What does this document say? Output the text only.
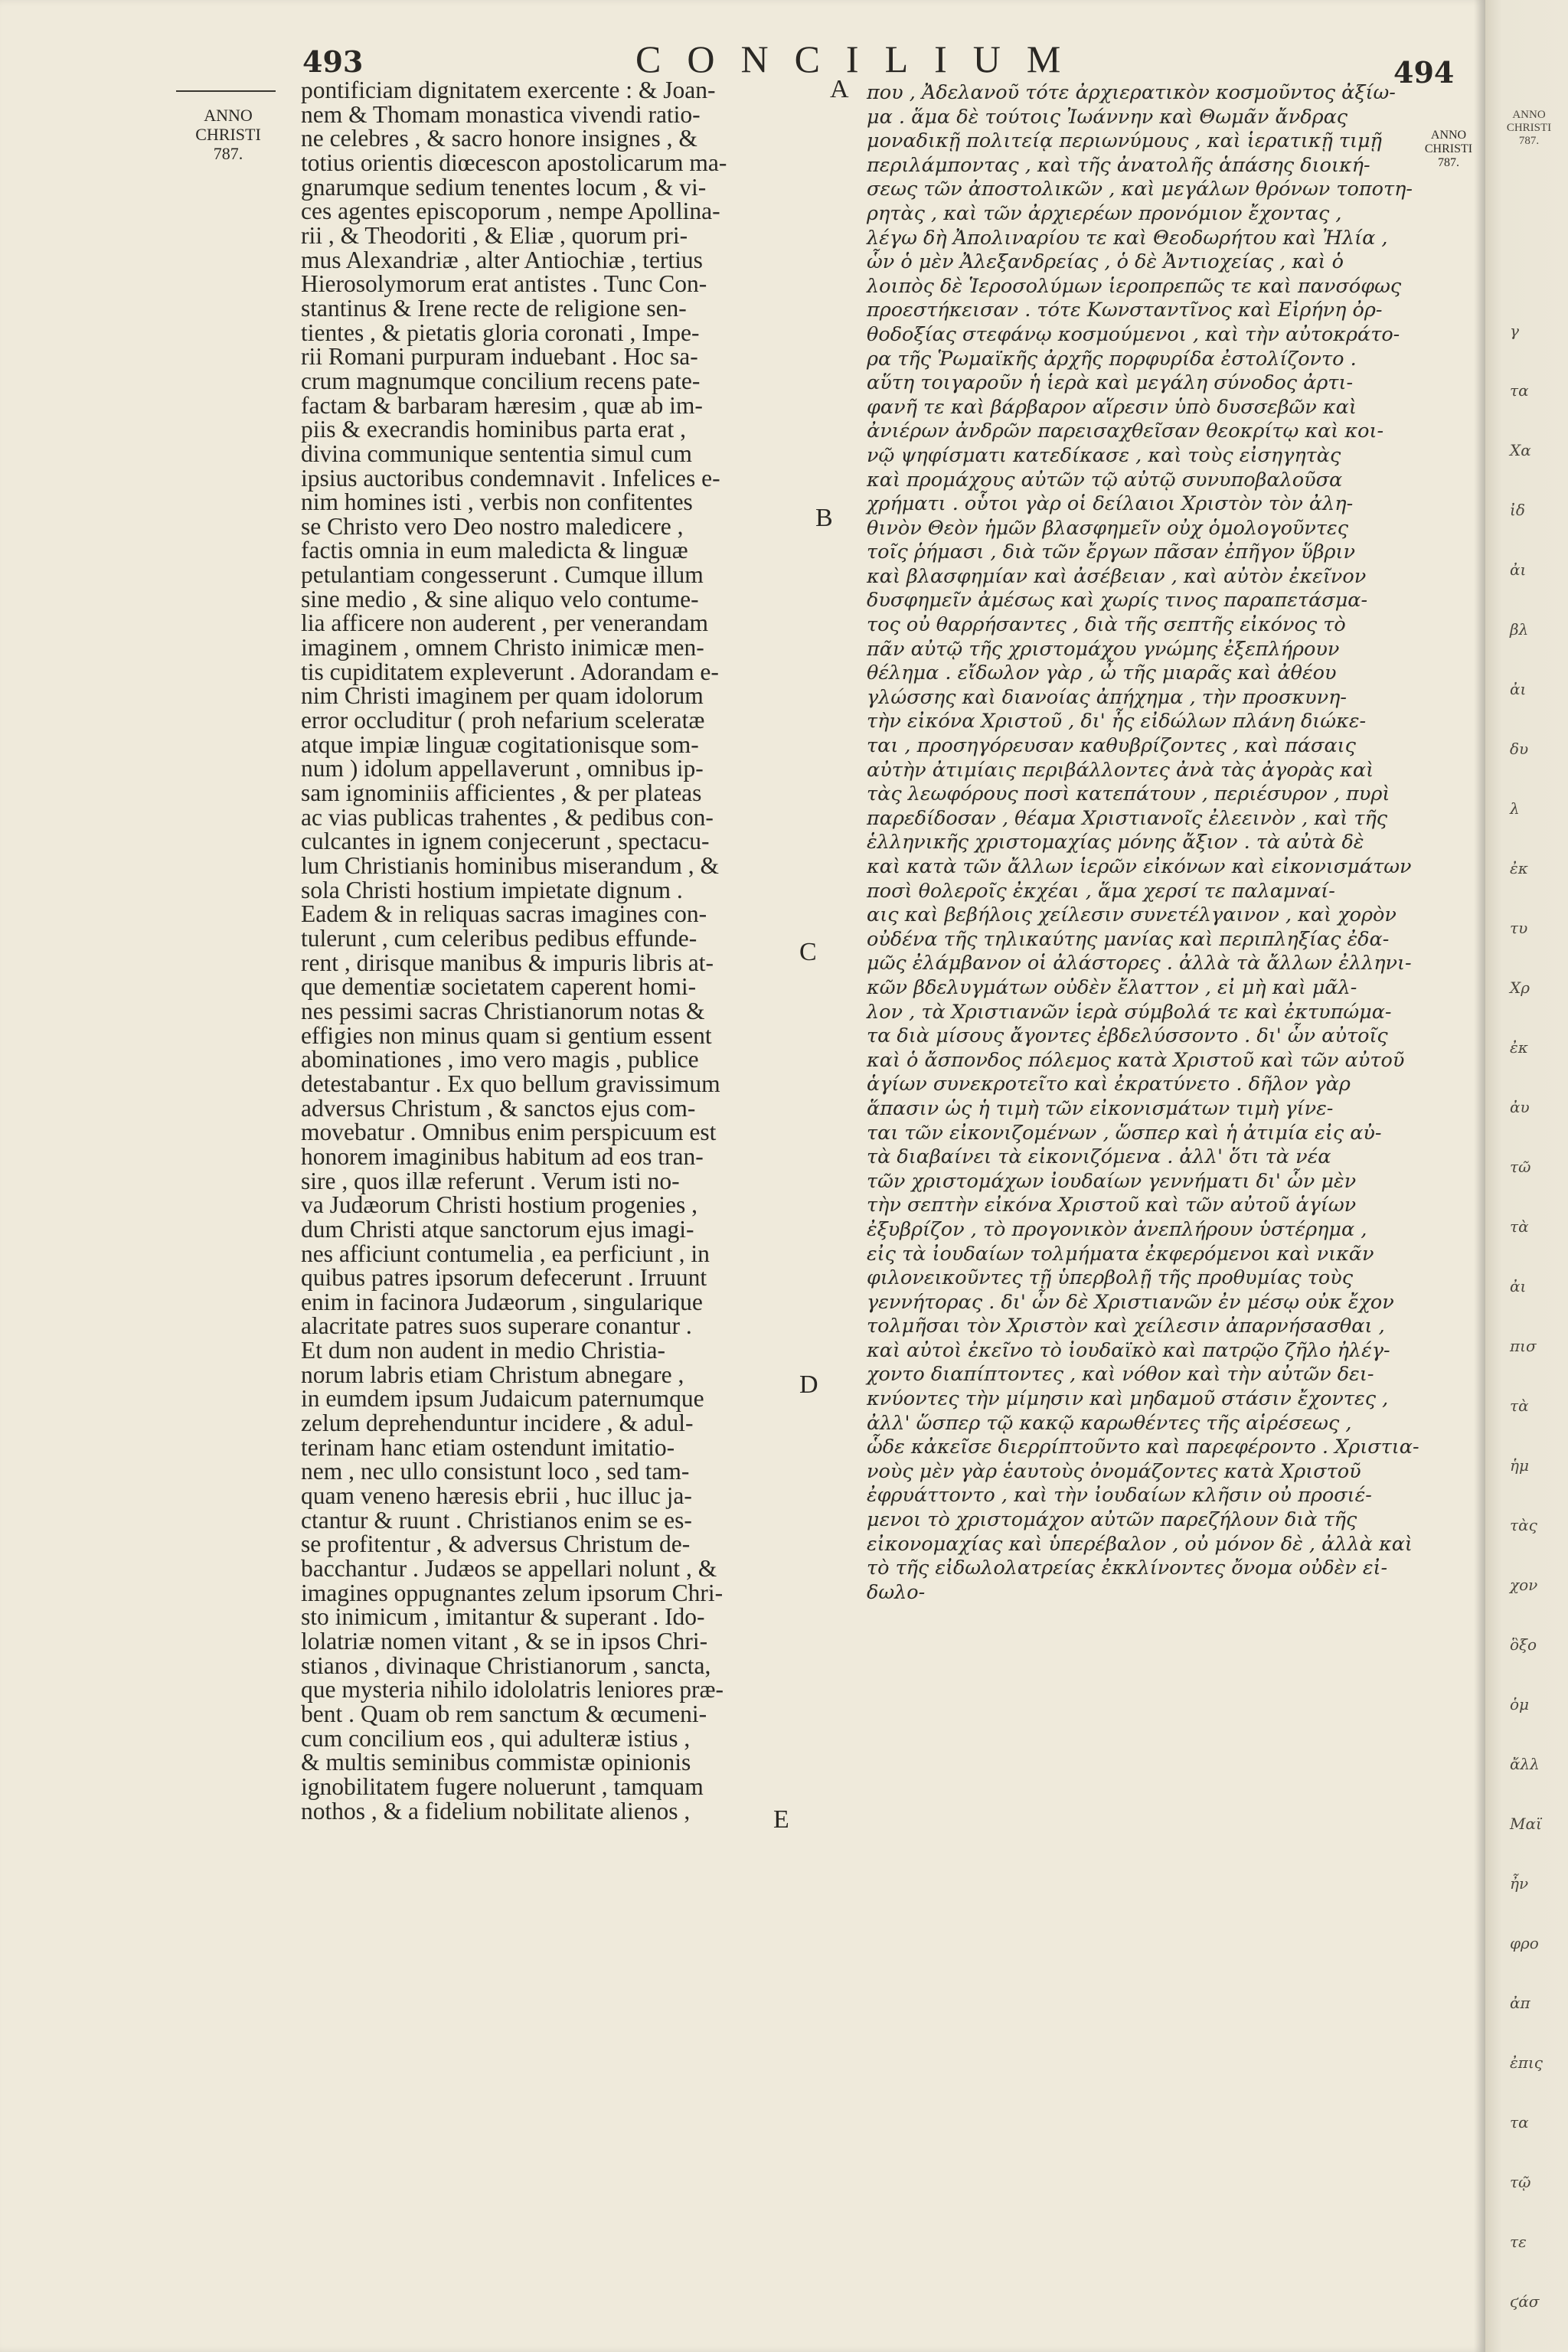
493	CONCILIUM	494
ANNO
CHRISTI
787.
pontificiam dignitatem exercente : & Joan-
nem & Thomam monastica vivendi ratio-
ne celebres , & sacro honore insignes , &
totius orientis diœcescon apostolicarum ma-
gnarumque sedium tenentes locum , & vi-
ces agentes episcoporum , nempe Apollina-
rii , & Theodoriti , & Eliæ , quorum pri-
mus Alexandriæ , alter Antiochiæ , tertius
Hierosolymorum erat antistes . Tunc Con-
stantinus & Irene recte de religione sen-
tientes , & pietatis gloria coronati , Impe-
rii Romani purpuram induebant . Hoc sa-
crum magnumque concilium recens pate-
factam & barbaram hæresim , quæ ab im-
piis & execrandis hominibus parta erat ,
divina communique sententia simul cum
ipsius auctoribus condemnavit . Infelices e-
nim homines isti , verbis non confitentes
se Christo vero Deo nostro maledicere ,
factis omnia in eum maledicta & linguæ
petulantiam congesserunt . Cumque illum
sine medio , & sine aliquo velo contume-
lia afficere non auderent , per venerandam
imaginem , omnem Christo inimicæ men-
tis cupiditatem expleverunt . Adorandam e-
nim Christi imaginem per quam idolorum
error occluditur ( proh nefarium sceleratæ
atque impiæ linguæ cogitationisque som-
num ) idolum appellaverunt , omnibus ip-
sam ignominiis afficientes , & per plateas
ac vias publicas trahentes , & pedibus con-
culcantes in ignem conjecerunt , spectacu-
lum Christianis hominibus miserandum , &
sola Christi hostium impietate dignum .
Eadem & in reliquas sacras imagines con-
tulerunt , cum celeribus pedibus effunde-
rent , dirisque manibus & impuris libris at-
que dementiæ societatem caperent homi-
nes pessimi sacras Christianorum notas &
effigies non minus quam si gentium essent
abominationes , imo vero magis , publice
detestabantur . Ex quo bellum gravissimum
adversus Christum , & sanctos ejus com-
movebatur . Omnibus enim perspicuum est
honorem imaginibus habitum ad eos tran-
sire , quos illæ referunt . Verum isti no-
va Judæorum Christi hostium progenies ,
dum Christi atque sanctorum ejus imagi-
nes afficiunt contumelia , ea perficiunt , in
quibus patres ipsorum defecerunt . Irruunt
enim in facinora Judæorum , singularique
alacritate patres suos superare conantur .
Et dum non audent in medio Christia-
norum labris etiam Christum abnegare ,
in eumdem ipsum Judaicum paternumque
zelum deprehenduntur incidere , & adul-
terinam hanc etiam ostendunt imitatio-
nem , nec ullo consistunt loco , sed tam-
quam veneno hæresis ebrii , huc illuc ja-
ctantur & ruunt . Christianos enim se es-
se profitentur , & adversus Christum de-
bacchantur . Judæos se appellari nolunt , &
imagines oppugnantes zelum ipsorum Chri-
sto inimicum , imitantur & superant . Ido-
lolatriæ nomen vitant , & se in ipsos Chri-
stianos , divinaque Christianorum , sancta,
que mysteria nihilo idololatris leniores præ-
bent . Quam ob rem sanctum & œcumeni-
cum concilium eos , qui adulteræ istius ,
& multis seminibus commistæ opinionis
ignobilitatem fugere noluerunt , tamquam
nothos , & a fidelium nobilitate alienos ,
A
B
C
D
E
που , Ἀδελανοῦ τότε ἀρχιερατικὸν κοσμοῦντος ἀξίω-
μα . ἅμα δὲ τούτοις Ἰωάννην καὶ Θωμᾶν ἄνδρας
μοναδικῇ πολιτείᾳ περιωνύμους , καὶ ἱερατικῇ τιμῇ
περιλάμποντας , καὶ τῆς ἀνατολῆς ἁπάσης διοική-
σεως τῶν ἀποστολικῶν , καὶ μεγάλων θρόνων τοποτη-
ρητὰς , καὶ τῶν ἀρχιερέων προνόμιον ἔχοντας ,
λέγω δὴ Ἀπολιναρίου τε καὶ Θεοδωρήτου καὶ Ἠλία ,
ὧν ὁ μὲν Ἀλεξανδρείας , ὁ δὲ Ἀντιοχείας , καὶ ὁ
λοιπὸς δὲ Ἱεροσολύμων ἱεροπρεπῶς τε καὶ πανσόφως
προεστήκεισαν . τότε Κωνσταντῖνος καὶ Εἰρήνη ὀρ-
θοδοξίας στεφάνῳ κοσμούμενοι , καὶ τὴν αὐτοκράτο-
ρα τῆς Ῥωμαϊκῆς ἀρχῆς πορφυρίδα ἐστολίζοντο .
αὕτη τοιγαροῦν ἡ ἱερὰ καὶ μεγάλη σύνοδος ἀρτι-
φανῆ τε καὶ βάρβαρον αἵρεσιν ὑπὸ δυσσεβῶν καὶ
ἀνιέρων ἀνδρῶν παρεισαχθεῖσαν θεοκρίτῳ καὶ κοι-
νῷ ψηφίσματι κατεδίκασε , καὶ τοὺς εἰσηγητὰς
καὶ προμάχους αὐτῶν τῷ αὐτῷ συνυποβαλοῦσα
χρήματι . οὗτοι γὰρ οἱ δείλαιοι Χριστὸν τὸν ἀλη-
θινὸν Θεὸν ἡμῶν βλασφημεῖν οὐχ ὁμολογοῦντες
τοῖς ῥήμασι , διὰ τῶν ἔργων πᾶσαν ἐπῆγον ὕβριν
καὶ βλασφημίαν καὶ ἀσέβειαν , καὶ αὐτὸν ἐκεῖνον
δυσφημεῖν ἀμέσως καὶ χωρίς τινος παραπετάσμα-
τος οὐ θαρρήσαντες , διὰ τῆς σεπτῆς εἰκόνος τὸ
πᾶν αὐτῷ τῆς χριστομάχου γνώμης ἐξεπλήρουν
θέλημα . εἴδωλον γὰρ , ὦ τῆς μιαρᾶς καὶ ἀθέου
γλώσσης καὶ διανοίας ἀπήχημα , τὴν προσκυνη-
τὴν εἰκόνα Χριστοῦ , δι' ἧς εἰδώλων πλάνη διώκε-
ται , προσηγόρευσαν καθυβρίζοντες , καὶ πάσαις
αὐτὴν ἀτιμίαις περιβάλλοντες ἀνὰ τὰς ἀγορὰς καὶ
τὰς λεωφόρους ποσὶ κατεπάτουν , περιέσυρον , πυρὶ
παρεδίδοσαν , θέαμα Χριστιανοῖς ἐλεεινὸν , καὶ τῆς
ἑλληνικῆς χριστομαχίας μόνης ἄξιον . τὰ αὐτὰ δὲ
καὶ κατὰ τῶν ἄλλων ἱερῶν εἰκόνων καὶ εἰκονισμάτων
ποσὶ θολεροῖς ἐκχέαι , ἅμα χερσί τε παλαμναί-
αις καὶ βεβήλοις χείλεσιν συνετέλγαινον , καὶ χορὸν
οὐδένα τῆς τηλικαύτης μανίας καὶ περιπληξίας ἐδα-
μῶς ἐλάμβανον οἱ ἀλάστορες . ἀλλὰ τὰ ἄλλων ἐλληνι-
κῶν βδελυγμάτων οὐδὲν ἔλαττον , εἰ μὴ καὶ μᾶλ-
λον , τὰ Χριστιανῶν ἱερὰ σύμβολά τε καὶ ἐκτυπώμα-
τα διὰ μίσους ἄγοντες ἐβδελύσσοντο . δι' ὧν αὐτοῖς
καὶ ὁ ἄσπονδος πόλεμος κατὰ Χριστοῦ καὶ τῶν αὐτοῦ
ἁγίων συνεκροτεῖτο καὶ ἐκρατύνετο . δῆλον γὰρ
ἅπασιν ὡς ἡ τιμὴ τῶν εἰκονισμάτων τιμὴ γίνε-
ται τῶν εἰκονιζομένων , ὥσπερ καὶ ἡ ἀτιμία εἰς αὐ-
τὰ διαβαίνει τὰ εἰκονιζόμενα . ἀλλ' ὅτι τὰ νέα
τῶν χριστομάχων ἰουδαίων γεννήματι δι' ὧν μὲν
τὴν σεπτὴν εἰκόνα Χριστοῦ καὶ τῶν αὐτοῦ ἁγίων
ἐξυβρίζον , τὸ προγονικὸν ἀνεπλήρουν ὑστέρημα ,
εἰς τὰ ἰουδαίων τολμήματα ἐκφερόμενοι καὶ νικᾶν
φιλονεικοῦντες τῇ ὑπερβολῇ τῆς προθυμίας τοὺς
γεννήτορας . δι' ὧν δὲ Χριστιανῶν ἐν μέσῳ οὐκ ἔχον
τολμῆσαι τὸν Χριστὸν καὶ χείλεσιν ἀπαρνήσασθαι ,
καὶ αὐτοὶ ἐκεῖνο τὸ ἰουδαϊκὸ καὶ πατρῷο ζῆλο ἠλέγ-
χοντο διαπίπτοντες , καὶ νόθον καὶ τὴν αὐτῶν δει-
κνύοντες τὴν μίμησιν καὶ μηδαμοῦ στάσιν ἔχοντες ,
ἀλλ' ὥσπερ τῷ κακῷ καρωθέντες τῆς αἱρέσεως ,
ὧδε κἀκεῖσε διερρίπτοῦντο καὶ παρεφέροντο . Χριστια-
νοὺς μὲν γὰρ ἑαυτοὺς ὀνομάζοντες κατὰ Χριστοῦ
ἐφρυάττοντο , καὶ τὴν ἰουδαίων κλῆσιν οὐ προσιέ-
μενοι τὸ χριστομάχον αὐτῶν παρεζήλουν διὰ τῆς
εἰκονομαχίας καὶ ὑπερέβαλον , οὐ μόνον δὲ , ἀλλὰ καὶ
τὸ τῆς εἰδωλολατρείας ἐκκλίνοντες ὄνομα οὐδὲν εἰ-
δωλο-
ANNO
CHRISTI
787.
ANNO
CHRISTI
787.
γ
τα
Χα
ἰδ
ἀι
βλ
ἀι
δυ
λ
ἐκ
τυ
Χρ
ἐκ
ἀυ
τῶ
τὰ
ἀι
πισ
τὰ
ἡμ
τὰς
χον
ὃξο
ὁμ
ἄλλ
Μαϊ
ἦν
φρο
ἀπ
ἐπις
τα
τῷ
τε
ϛάσ
